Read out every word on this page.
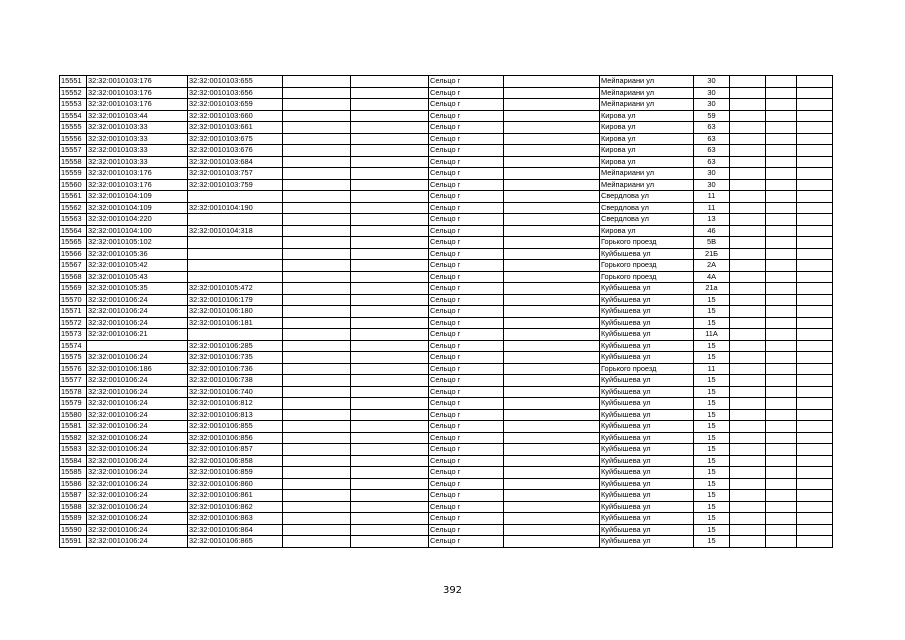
15551	32:32:0010103:176	32:32:0010103:655			Сельцо г		Мейпариани ул	30			
15552	32:32:0010103:176	32:32:0010103:656			Сельцо г		Мейпариани ул	30			
15553	32:32:0010103:176	32:32:0010103:659			Сельцо г		Мейпариани ул	30			
15554	32:32:0010103:44	32:32:0010103:660			Сельцо г		Кирова ул	59			
15555	32:32:0010103:33	32:32:0010103:661			Сельцо г		Кирова ул	63			
15556	32:32:0010103:33	32:32:0010103:675			Сельцо г		Кирова ул	63			
15557	32:32:0010103:33	32:32:0010103:676			Сельцо г		Кирова ул	63			
15558	32:32:0010103:33	32:32:0010103:684			Сельцо г		Кирова ул	63			
15559	32:32:0010103:176	32:32:0010103:757			Сельцо г		Мейпариани ул	30			
15560	32:32:0010103:176	32:32:0010103:759			Сельцо г		Мейпариани ул	30			
15561	32:32:0010104:109				Сельцо г		Свердлова ул	11			
15562	32:32:0010104:109	32:32:0010104:190			Сельцо г		Свердлова ул	11			
15563	32:32:0010104:220				Сельцо г		Свердлова ул	13			
15564	32:32:0010104:100	32:32:0010104:318			Сельцо г		Кирова ул	46			
15565	32:32:0010105:102				Сельцо г		Горького проезд	5В			
15566	32:32:0010105:36				Сельцо г		Куйбышева ул	21Б			
15567	32:32:0010105:42				Сельцо г		Горького проезд	2А			
15568	32:32:0010105:43				Сельцо г		Горького проезд	4А			
15569	32:32:0010105:35	32:32:0010105:472			Сельцо г		Куйбышева ул	21а			
15570	32:32:0010106:24	32:32:0010106:179			Сельцо г		Куйбышева ул	15			
15571	32:32:0010106:24	32:32:0010106:180			Сельцо г		Куйбышева ул	15			
15572	32:32:0010106:24	32:32:0010106:181			Сельцо г		Куйбышева ул	15			
15573	32:32:0010106:21				Сельцо г		Куйбышева ул	11А			
15574		32:32:0010106:285			Сельцо г		Куйбышева ул	15			
15575	32:32:0010106:24	32:32:0010106:735			Сельцо г		Куйбышева ул	15			
15576	32:32:0010106:186	32:32:0010106:736			Сельцо г		Горького проезд	11			
15577	32:32:0010106:24	32:32:0010106:738			Сельцо г		Куйбышева ул	15			
15578	32:32:0010106:24	32:32:0010106:740			Сельцо г		Куйбышева ул	15			
15579	32:32:0010106:24	32:32:0010106:812			Сельцо г		Куйбышева ул	15			
15580	32:32:0010106:24	32:32:0010106:813			Сельцо г		Куйбышева ул	15			
15581	32:32:0010106:24	32:32:0010106:855			Сельцо г		Куйбышева ул	15			
15582	32:32:0010106:24	32:32:0010106:856			Сельцо г		Куйбышева ул	15			
15583	32:32:0010106:24	32:32:0010106:857			Сельцо г		Куйбышева ул	15			
15584	32:32:0010106:24	32:32:0010106:858			Сельцо г		Куйбышева ул	15			
15585	32:32:0010106:24	32:32:0010106:859			Сельцо г		Куйбышева ул	15			
15586	32:32:0010106:24	32:32:0010106:860			Сельцо г		Куйбышева ул	15			
15587	32:32:0010106:24	32:32:0010106:861			Сельцо г		Куйбышева ул	15			
15588	32:32:0010106:24	32:32:0010106:862			Сельцо г		Куйбышева ул	15			
15589	32:32:0010106:24	32:32:0010106:863			Сельцо г		Куйбышева ул	15			
15590	32:32:0010106:24	32:32:0010106:864			Сельцо г		Куйбышева ул	15			
15591	32:32:0010106:24	32:32:0010106:865			Сельцо г		Куйбышева ул	15			
392
